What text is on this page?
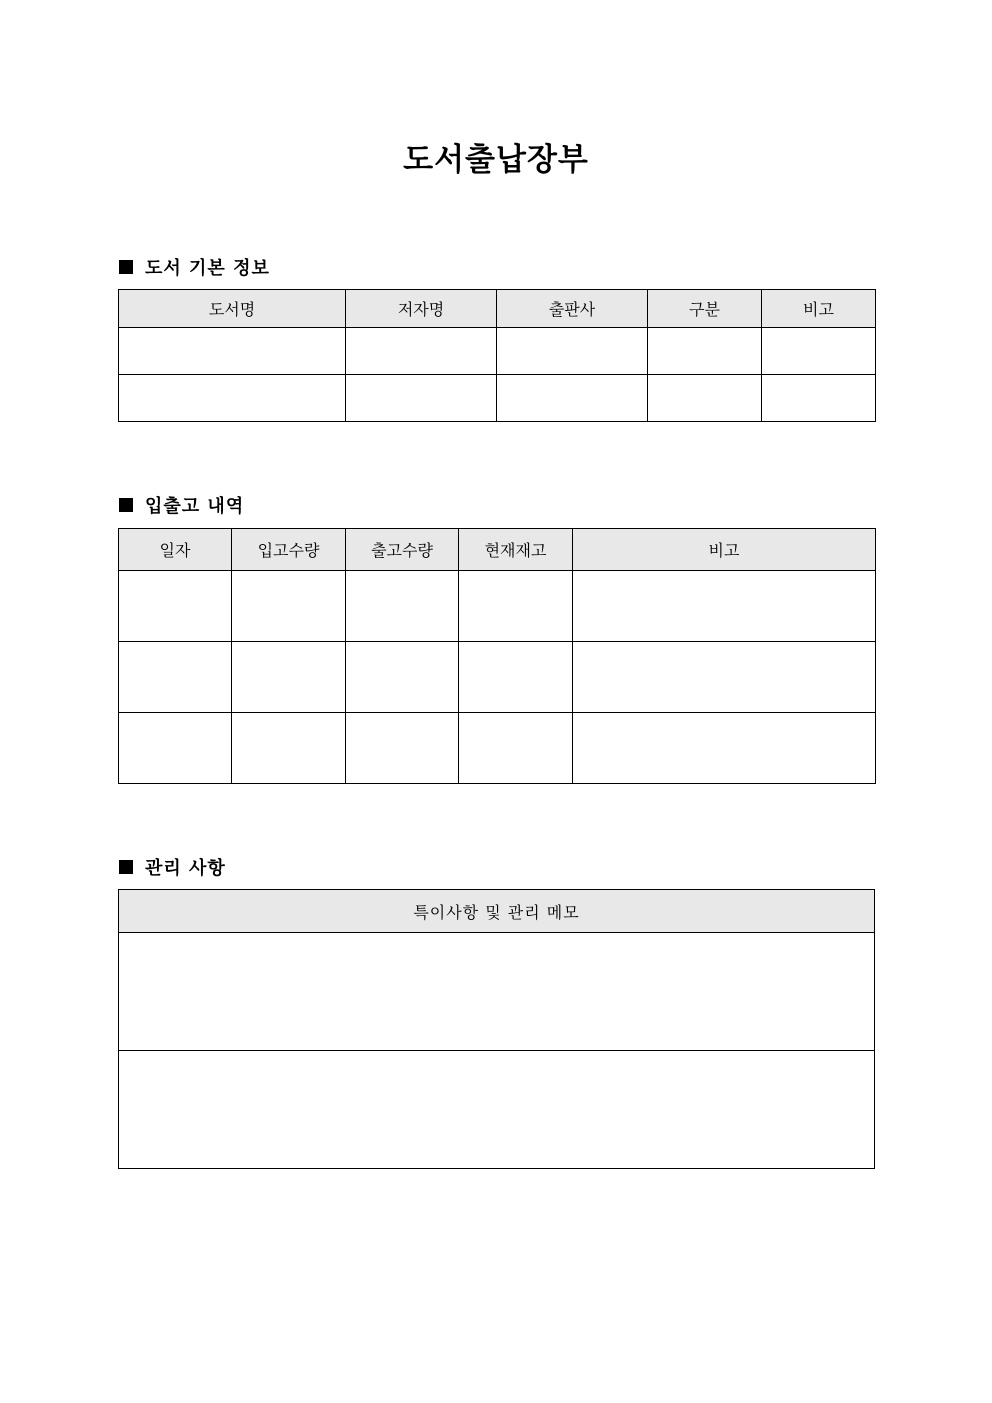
도서출납장부
도서 기본 정보
도서명	저자명	출판사	구분	비고

입출고 내역
일자	입고수량	출고수량	현재재고	비고

관리 사항
특이사항 및 관리 메모
